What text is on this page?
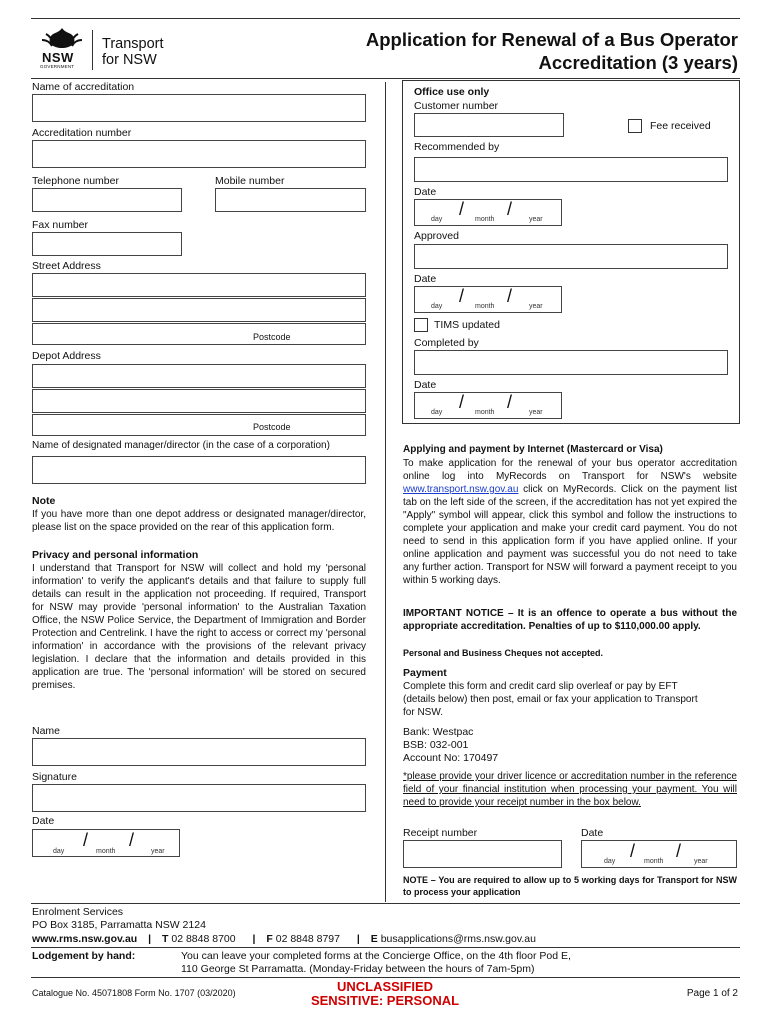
NSW
GOVERNMENT
Transport
for NSW
Application for Renewal of a Bus Operator
Accreditation (3 years)
Name of accreditation
Accreditation number
Telephone number	Mobile number
Fax number
Street Address
Postcode
Depot Address
Postcode
Name of designated manager/director (in the case of a corporation)
Note
If you have more than one depot address or designated manager/director, please list on the space provided on the rear of this application form.
Privacy and personal information
I understand that Transport for NSW will collect and hold my 'personal information' to verify the applicant's details and that failure to supply full details can result in the application not proceeding. If required, Transport for NSW may provide 'personal information' to the Australian Taxation Office, the NSW Police Service, the Department of Immigration and Border Protection and Centrelink. I have the right to access or correct my 'personal information' in accordance with the provisions of the relevant privacy legislation. I declare that the information and details provided in this application are true. The 'personal information' will be stored on secured premises.
Name
Signature
Date
/ /
day	month	year
Office use only
Customer number
Fee received
Recommended by
Date
/ /
day	month	year
Approved
Date
/ /
day	month	year
TIMS updated
Completed by
Date
/ /
day	month	year
Applying and payment by Internet (Mastercard or Visa)
To make application for the renewal of your bus operator accreditation online log into MyRecords on Transport for NSW's website www.transport.nsw.gov.au click on MyRecords. Click on the payment list tab on the left side of the screen, if the accreditation has not yet expired the "Apply" symbol will appear, click this symbol and follow the instructions to complete your application and make your credit card payment. You do not need to send in this application form if you have applied online. If your online application and payment was successful you do not need to take any further action. Transport for NSW will forward a payment receipt to you within 5 working days.
IMPORTANT NOTICE – It is an offence to operate a bus without the appropriate accreditation. Penalties of up to $110,000.00 apply.
Personal and Business Cheques not accepted.
Payment
Complete this form and credit card slip overleaf or pay by EFT (details below) then post, email or fax your application to Transport for NSW.
Bank: Westpac
BSB: 032-001
Account No: 170497
*please provide your driver licence or accreditation number in the reference field of your financial institution when processing your payment. You will need to provide your receipt number in the box below.
Receipt number	Date
/ /
day	month	year
NOTE – You are required to allow up to 5 working days for Transport for NSW to process your application
Enrolment Services
PO Box 3185, Parramatta NSW 2124
www.rms.nsw.gov.au | T 02 8848 8700 | F 02 8848 8797 | E busapplications@rms.nsw.gov.au
Lodgement by hand:	You can leave your completed forms at the Concierge Office, on the 4th floor Pod E,
110 George St Parramatta. (Monday-Friday between the hours of 7am-5pm)
Catalogue No. 45071808 Form No. 1707 (03/2020)	UNCLASSIFIED
SENSITIVE: PERSONAL	Page 1 of 2
